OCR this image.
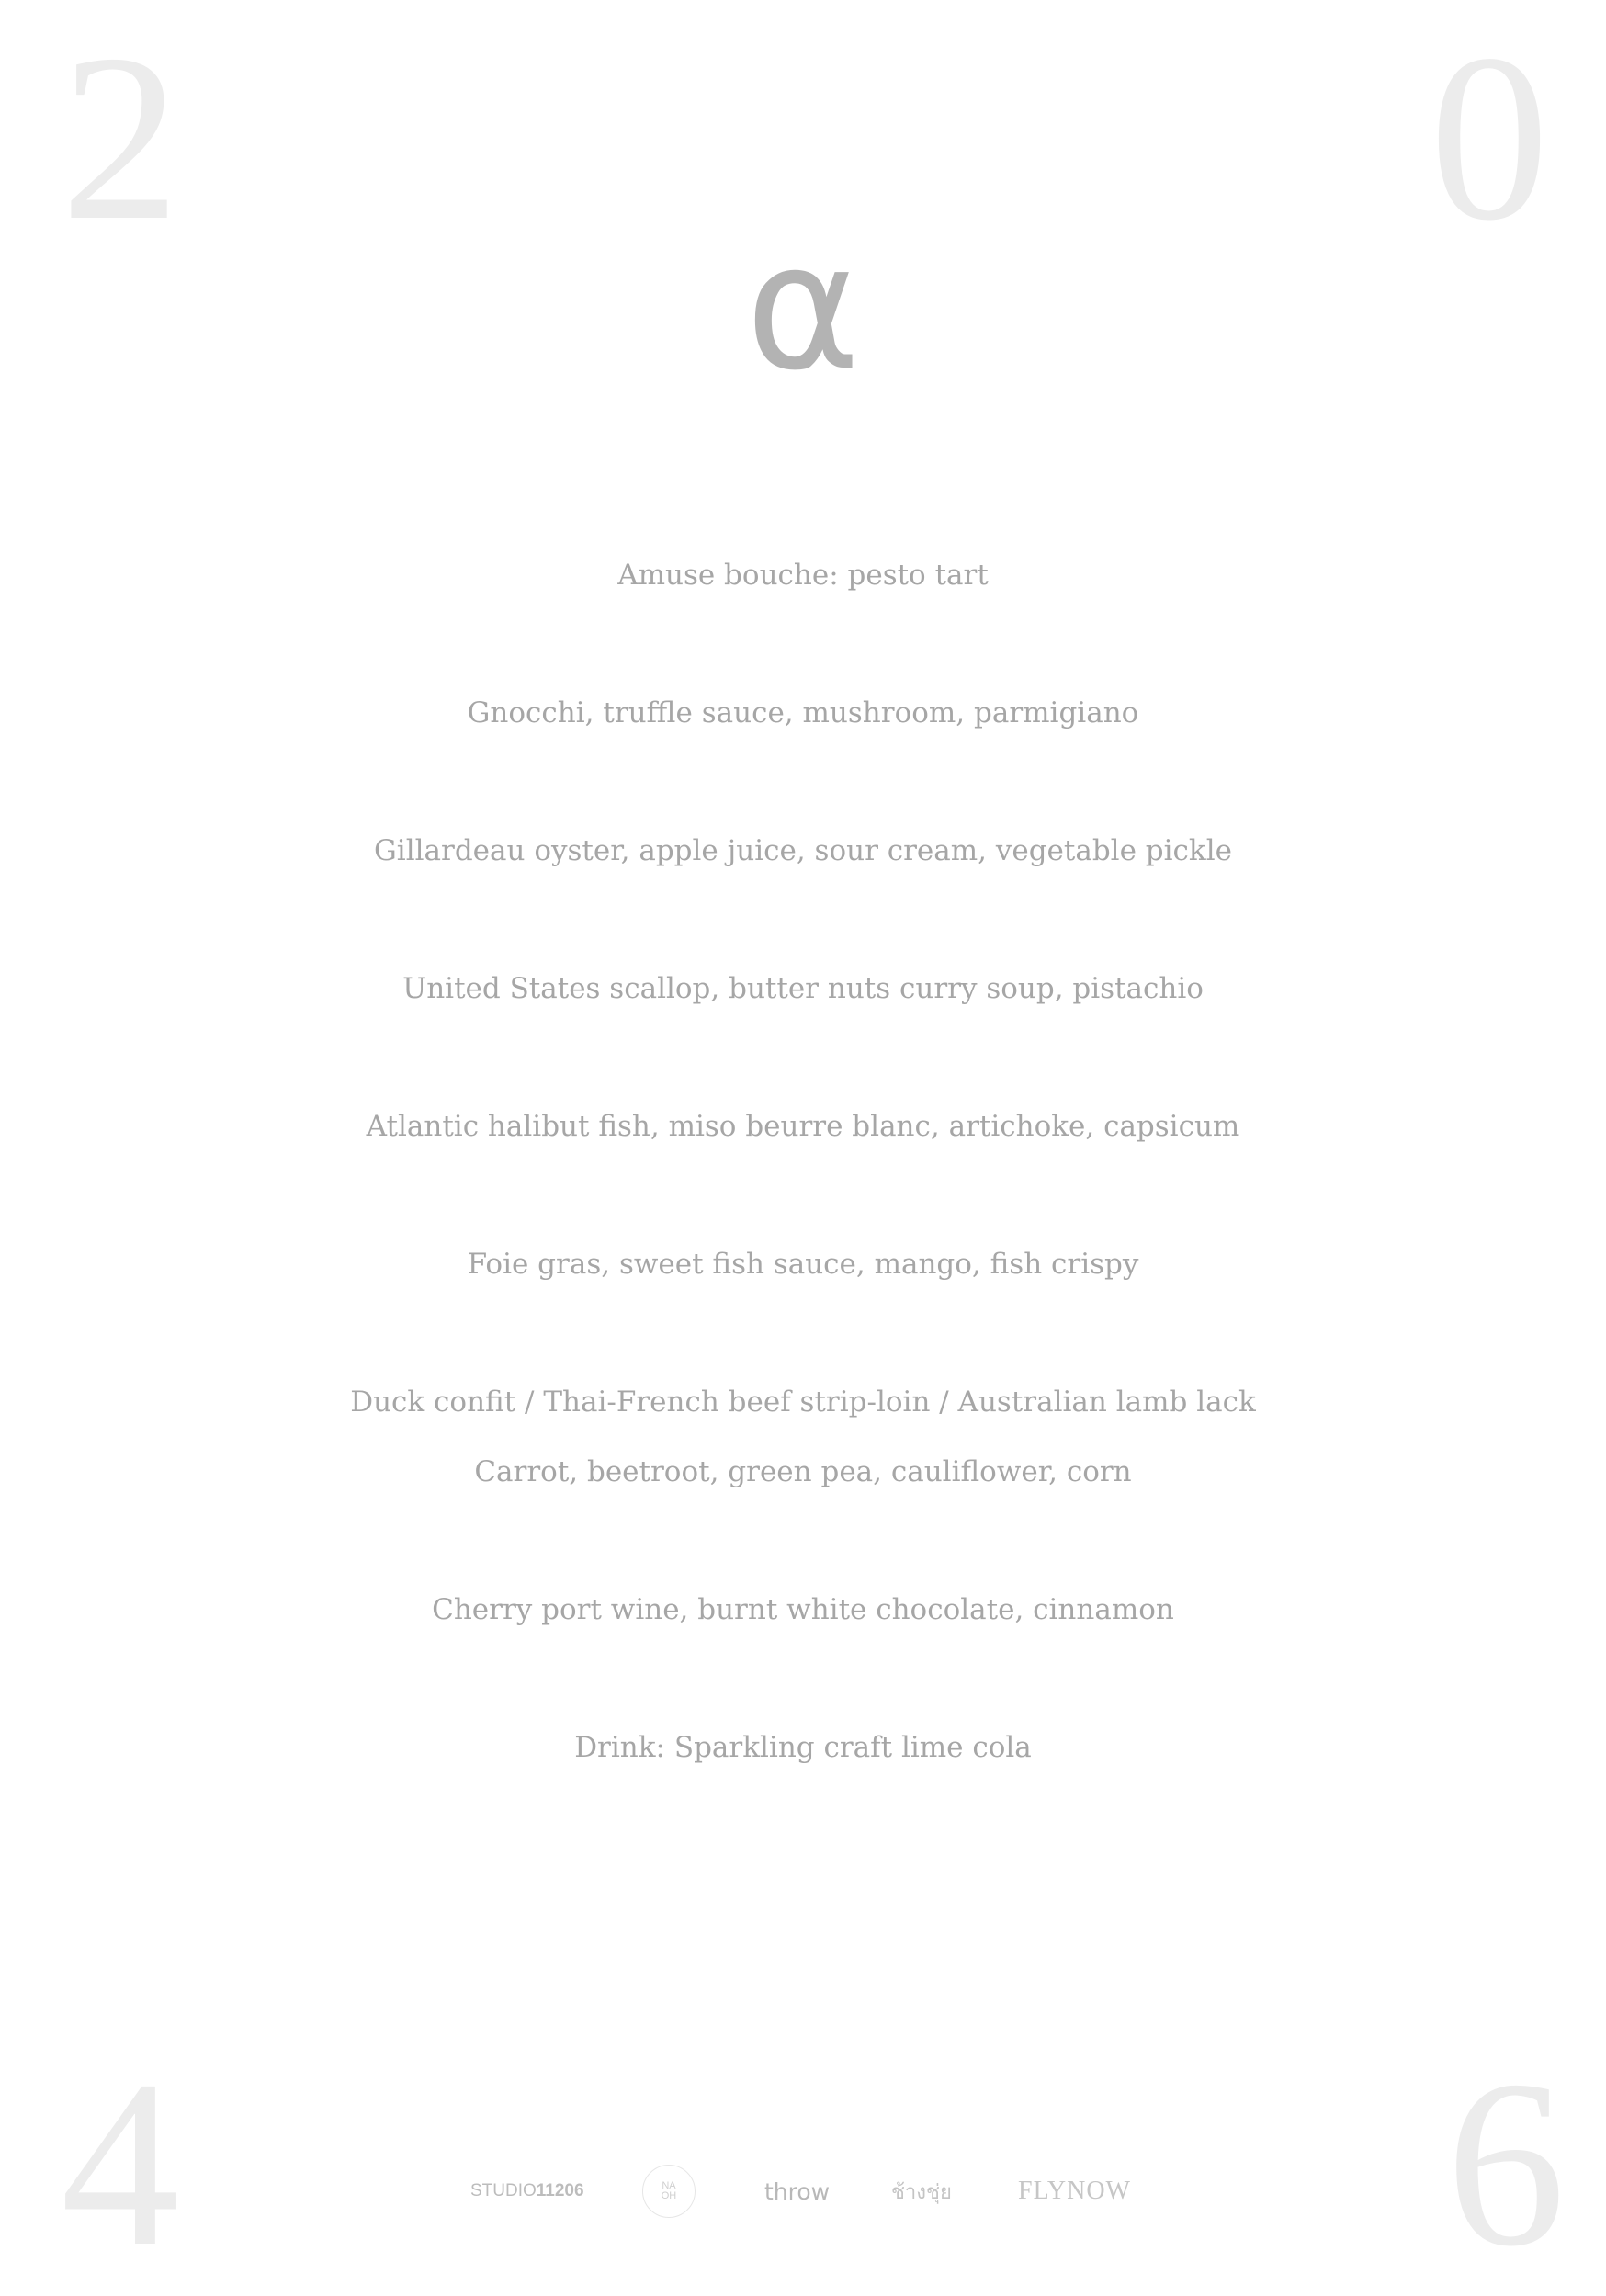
2	0
4	6
α
Amuse bouche: pesto tart
Gnocchi, truffle sauce, mushroom, parmigiano
Gillardeau oyster, apple juice, sour cream, vegetable pickle
United States scallop, butter nuts curry soup, pistachio
Atlantic halibut fish, miso beurre blanc, artichoke, capsicum
Foie gras, sweet fish sauce, mango, fish crispy
Duck confit / Thai-French beef strip-loin / Australian lamb lack
Carrot, beetroot, green pea, cauliflower, corn
Cherry port wine, burnt white chocolate, cinnamon
Drink: Sparkling craft lime cola
STUDIO 11206	NA
OH	throw	ช้างชุ่ย	FLYNOW
